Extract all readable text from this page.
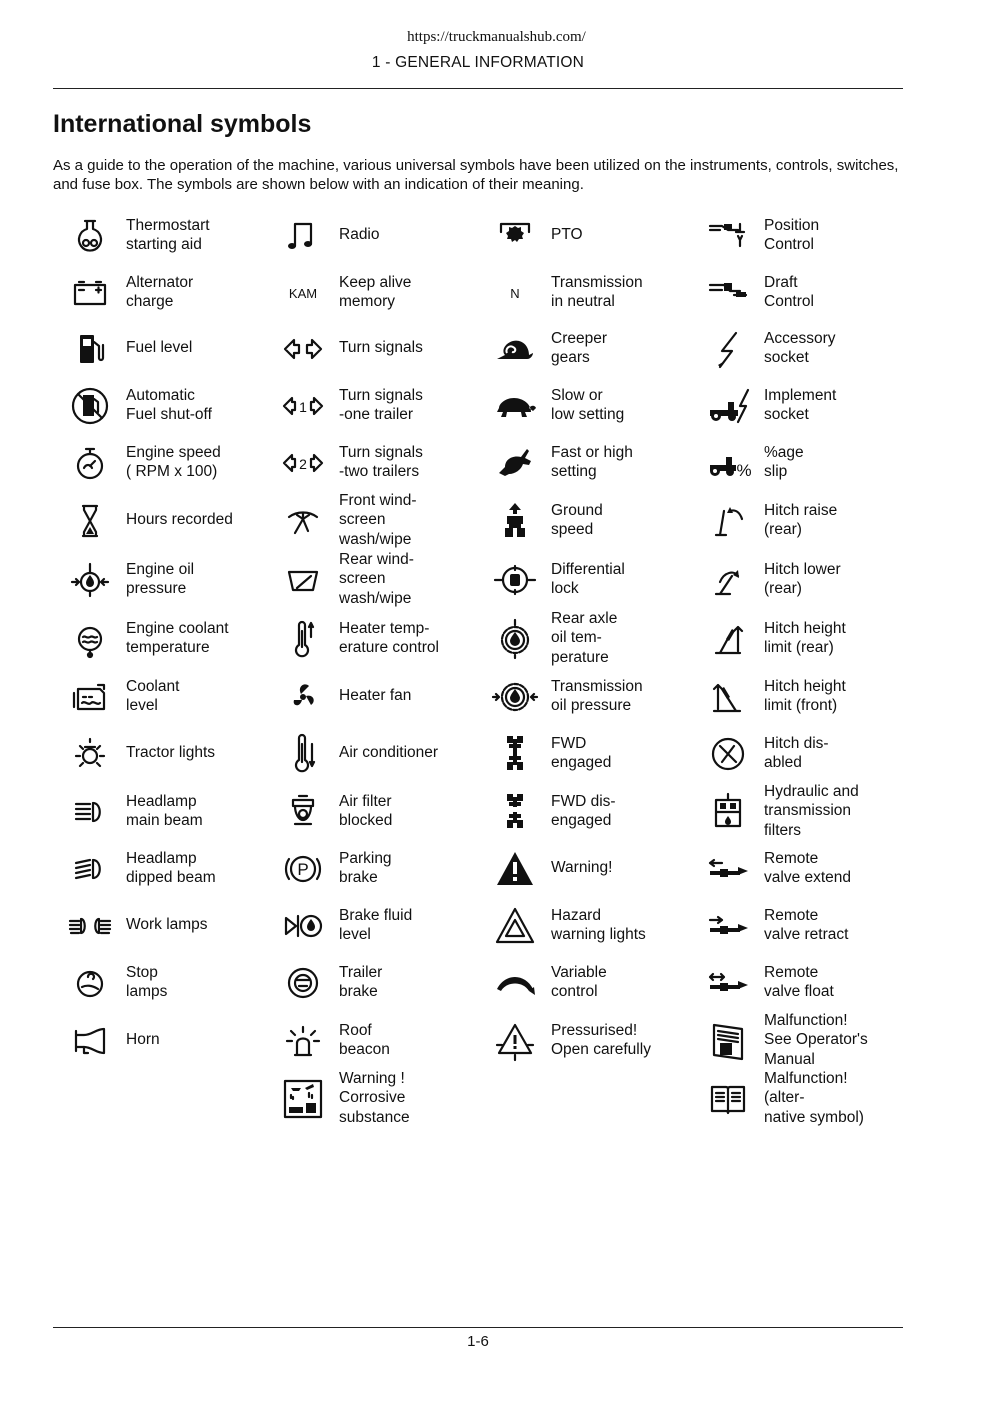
https://truckmanualshub.com/
1 - GENERAL INFORMATION
International symbols

As a guide to the operation of the machine, various universal symbols have been utilized on the instruments, controls, switches, and fuse box. The symbols are shown below with an indication of their meaning.

Thermostart
starting aid
Alternator
charge
Fuel level
Automatic
Fuel shut-off
Engine speed
( RPM x 100)
Hours recorded
Engine oil
pressure
Engine coolant
temperature
Coolant
level
Tractor lights
Headlamp
main beam
Headlamp
dipped beam
Work lamps
Stop
lamps
Horn
Radio
KAM
Keep alive
memory
Turn signals
1
Turn signals
-one trailer
2
Turn signals
-two trailers
Front wind-
screen
wash/wipe
Rear wind-
screen
wash/wipe
Heater temp-
erature control
Heater fan
Air conditioner
Air filter
blocked
P
Parking
brake
Brake fluid
level
Trailer
brake
Roof
beacon
Warning !
Corrosive
substance
PTO
N
Transmission
in neutral
Creeper
gears
Slow or
low setting
Fast or high
setting
Ground
speed
Differential
lock
Rear axle
oil tem-
perature
Transmission
oil pressure
FWD
engaged
FWD dis-
engaged
Warning!
Hazard
warning lights
Variable
control
Pressurised!
Open carefully
Position
Control
Draft
Control
Accessory
socket
Implement
socket
%
%age
slip
Hitch raise
(rear)
Hitch lower
(rear)
Hitch height
limit (rear)
Hitch height
limit (front)
Hitch dis-
abled
Hydraulic and
transmission
filters
Remote
valve extend
Remote
valve retract
Remote
valve float
Malfunction!
See Operator's
Manual
Malfunction!
(alter-
native symbol)
1-6
